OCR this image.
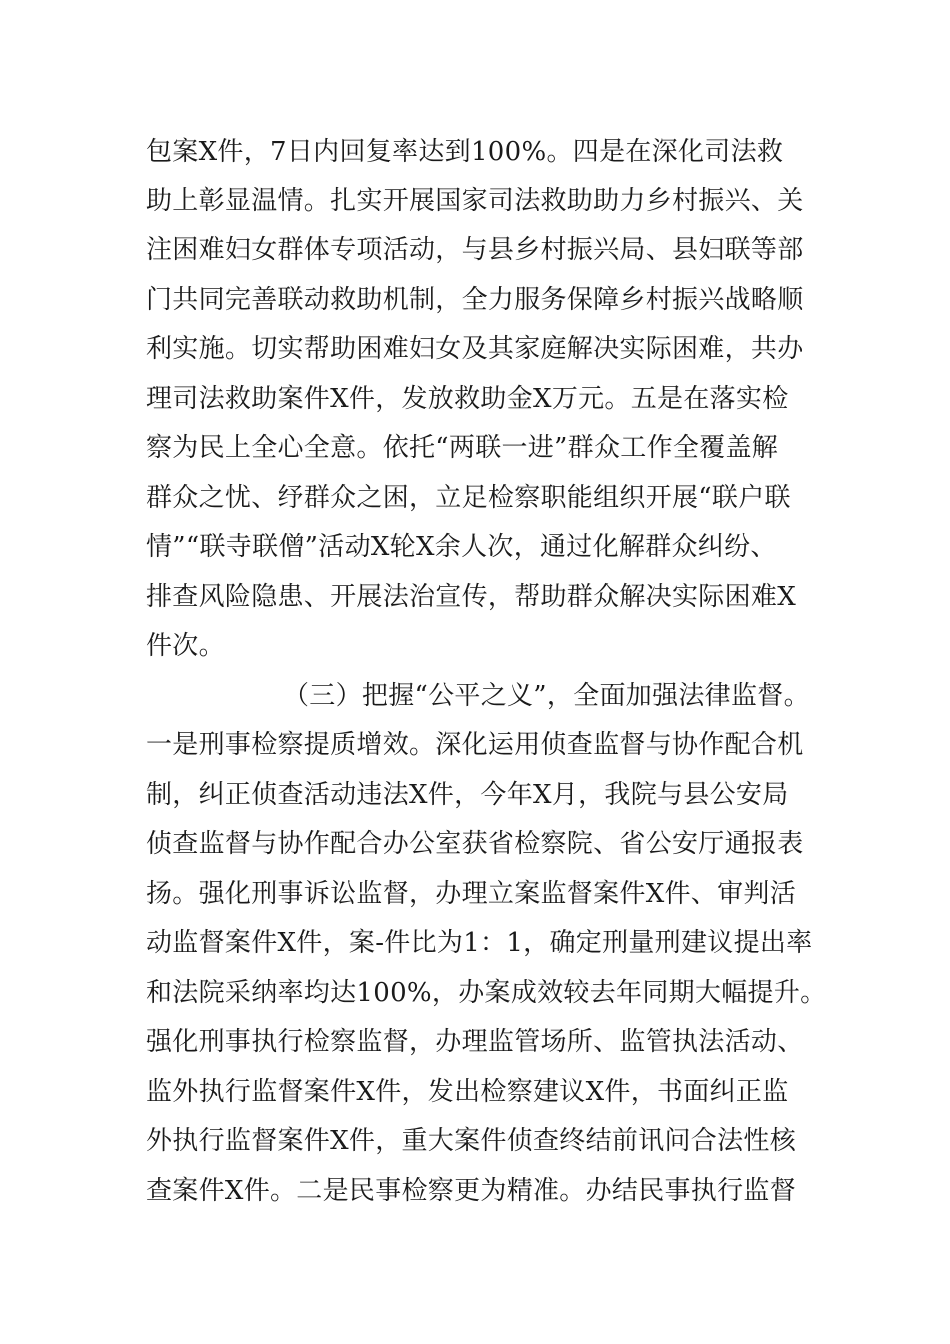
包案X件，7日内回复率达到100%。四是在深化司法救
助上彰显温情。扎实开展国家司法救助助力乡村振兴、关
注困难妇女群体专项活动，与县乡村振兴局、县妇联等部
门共同完善联动救助机制，全力服务保障乡村振兴战略顺
利实施。切实帮助困难妇女及其家庭解决实际困难，共办
理司法救助案件X件，发放救助金X万元。五是在落实检
察为民上全心全意。依托“两联一进”群众工作全覆盖解
群众之忧、纾群众之困，立足检察职能组织开展“联户联
情”“联寺联僧”活动X轮X余人次，通过化解群众纠纷、
排查风险隐患、开展法治宣传，帮助群众解决实际困难X
件次。
（三）把握“公平之义”，全面加强法律监督。
一是刑事检察提质增效。深化运用侦查监督与协作配合机
制，纠正侦查活动违法X件，今年X月，我院与县公安局
侦查监督与协作配合办公室获省检察院、省公安厅通报表
扬。强化刑事诉讼监督，办理立案监督案件X件、审判活
动监督案件X件，案-件比为1：1，确定刑量刑建议提出率
和法院采纳率均达100%，办案成效较去年同期大幅提升。
强化刑事执行检察监督，办理监管场所、监管执法活动、
监外执行监督案件X件，发出检察建议X件，书面纠正监
外执行监督案件X件，重大案件侦查终结前讯问合法性核
查案件X件。二是民事检察更为精准。办结民事执行监督
